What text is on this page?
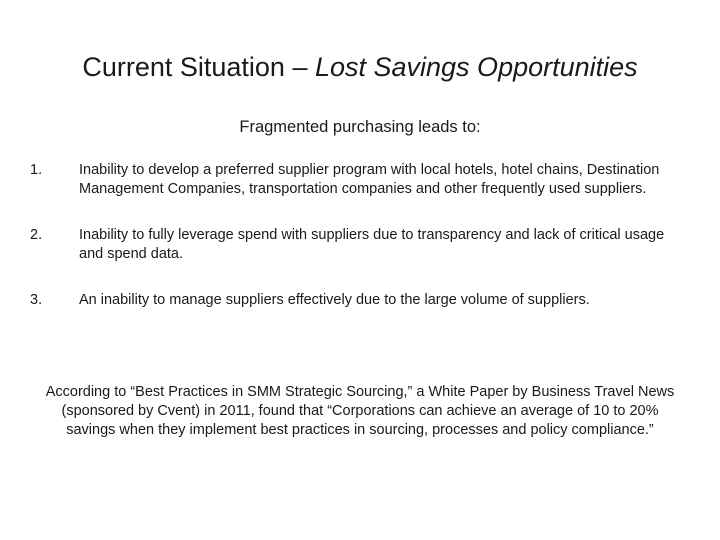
Current Situation – Lost Savings Opportunities
Fragmented purchasing leads to:
1.	Inability to develop a preferred supplier program with local hotels, hotel chains, Destination Management Companies, transportation companies and other frequently used suppliers.
2.	Inability to fully leverage spend with suppliers due to transparency and lack of critical usage and spend data.
3.	An inability to manage suppliers effectively due to the large volume of suppliers.
According to “Best Practices in SMM Strategic Sourcing,” a White Paper by Business Travel News (sponsored by Cvent) in 2011, found that “Corporations can achieve an average of 10 to 20% savings when they implement best practices in sourcing, processes and policy compliance.”
